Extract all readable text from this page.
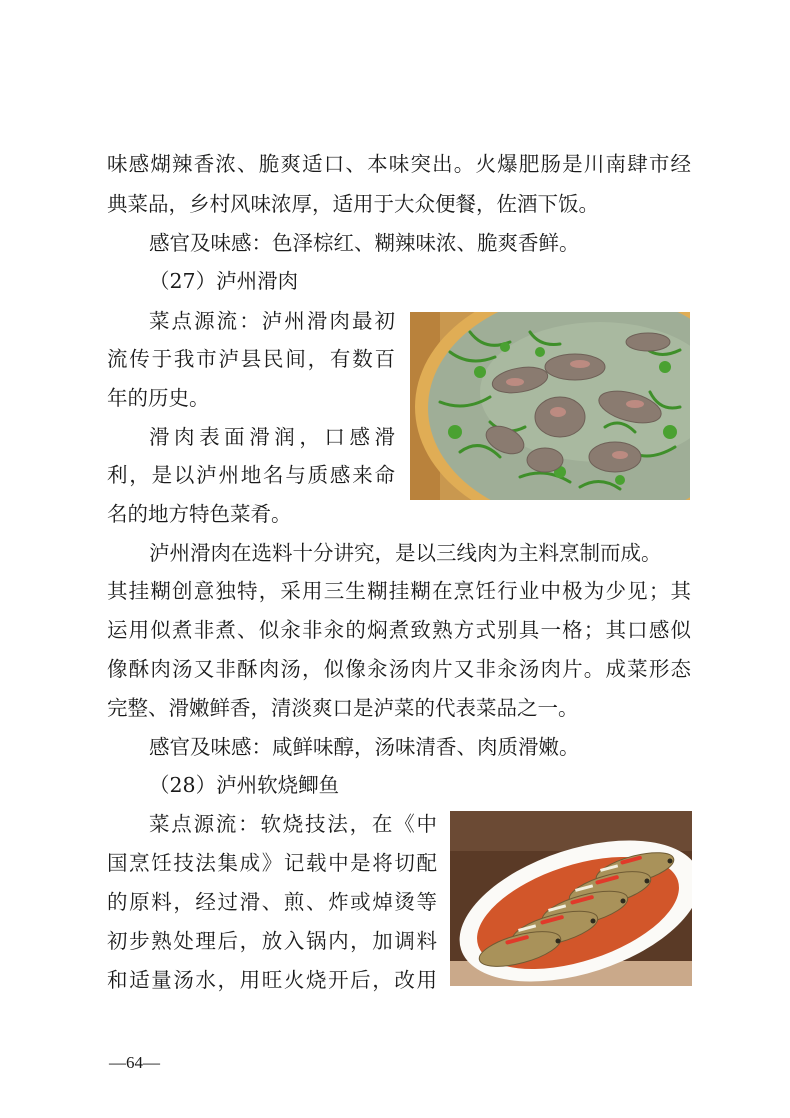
味感煳辣香浓、脆爽适口、本味突出。火爆肥肠是川南肆市经

典菜品，乡村风味浓厚，适用于大众便餐，佐酒下饭。

感官及味感：色泽棕红、糊辣味浓、脆爽香鲜。

（27）泸州滑肉

菜点源流：泸州滑肉最初

流传于我市泸县民间，有数百

年的历史。

滑肉表面滑润，口感滑

利，是以泸州地名与质感来命

名的地方特色菜肴。

泸州滑肉在选料十分讲究，是以三线肉为主料烹制而成。

其挂糊创意独特，采用三生糊挂糊在烹饪行业中极为少见；其

运用似煮非煮、似汆非汆的焖煮致熟方式别具一格；其口感似

像酥肉汤又非酥肉汤，似像汆汤肉片又非汆汤肉片。成菜形态

完整、滑嫩鲜香，清淡爽口是泸菜的代表菜品之一。

感官及味感：咸鲜味醇，汤味清香、肉质滑嫩。

（28）泸州软烧鲫鱼

菜点源流：软烧技法，在《中

国烹饪技法集成》记载中是将切配

的原料，经过滑、煎、炸或焯烫等

初步熟处理后，放入锅内，加调料

和适量汤水，用旺火烧开后，改用

—64—
